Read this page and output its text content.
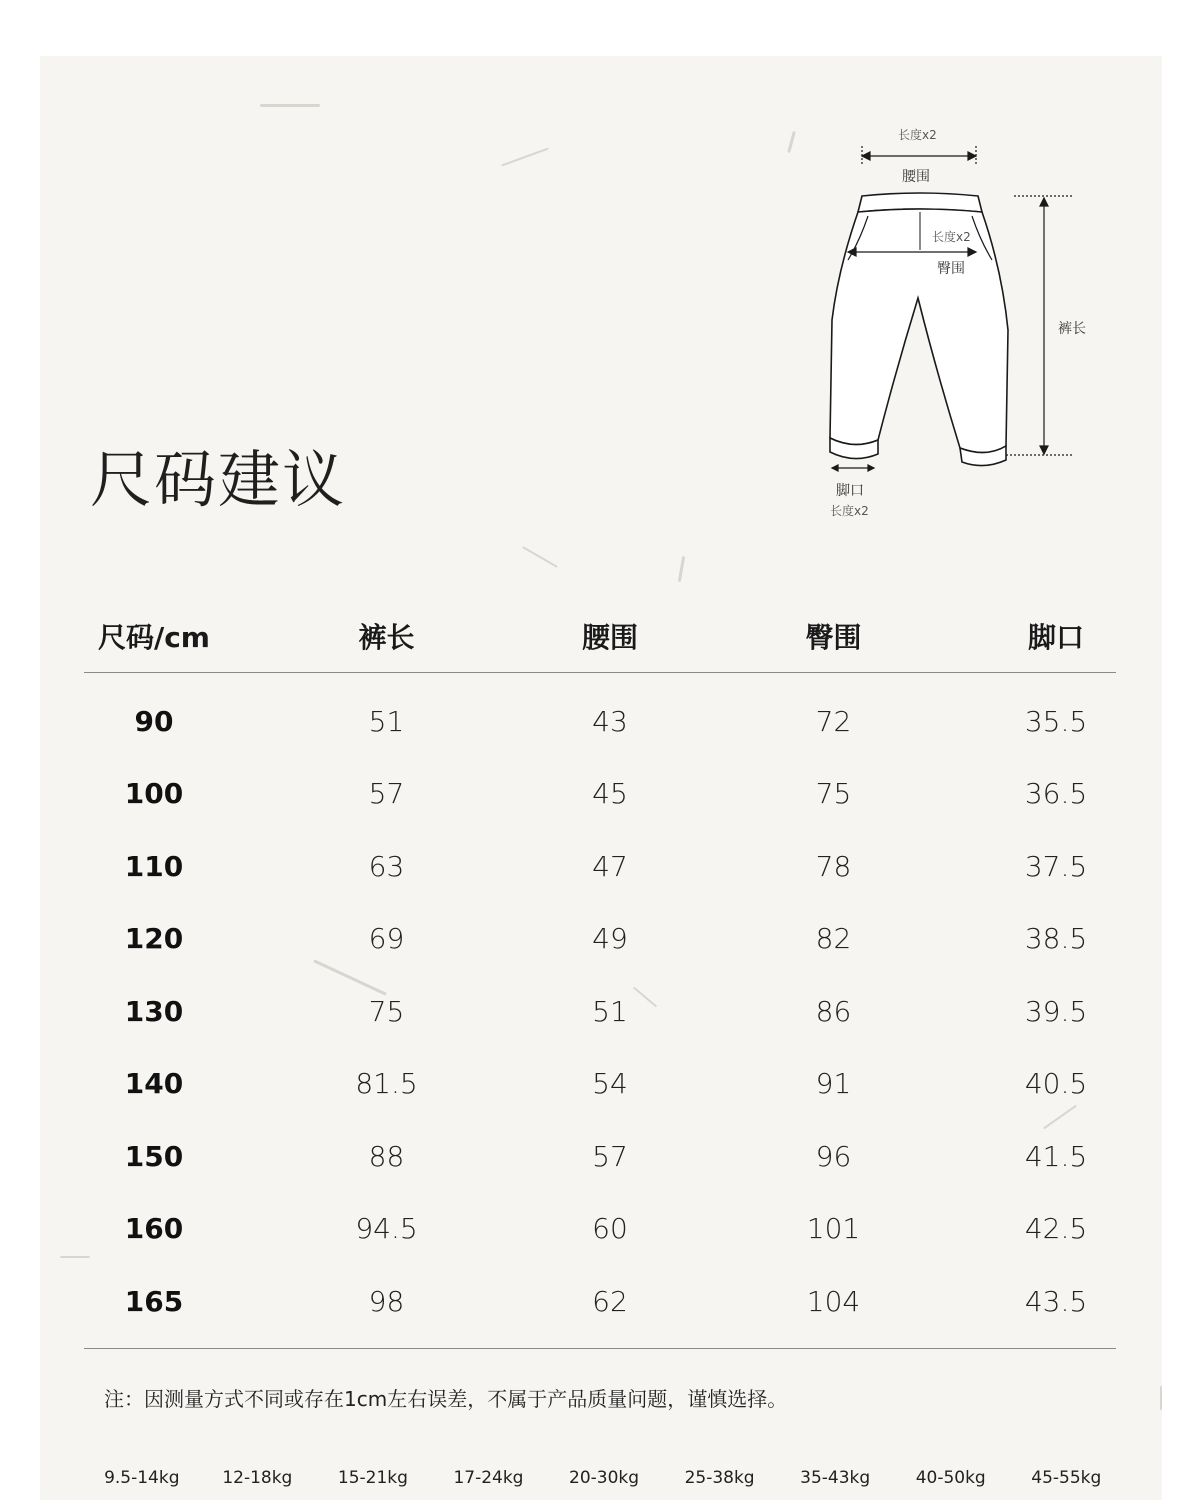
尺码建议
长度x2
腰围
长度x2
臀围
裤长
脚口
长度x2
尺码/cm	裤长	腰围	臀围	脚口
90	51	43	72	35.5
100	57	45	75	36.5
110	63	47	78	37.5
120	69	49	82	38.5
130	75	51	86	39.5
140	81.5	54	91	40.5
150	88	57	96	41.5
160	94.5	60	101	42.5
165	98	62	104	43.5
注：因测量方式不同或存在1cm左右误差，不属于产品质量问题，谨慎选择。
9.5-14kg	12-18kg	15-21kg	17-24kg	20-30kg	25-38kg	35-43kg	40-50kg	45-55kg
